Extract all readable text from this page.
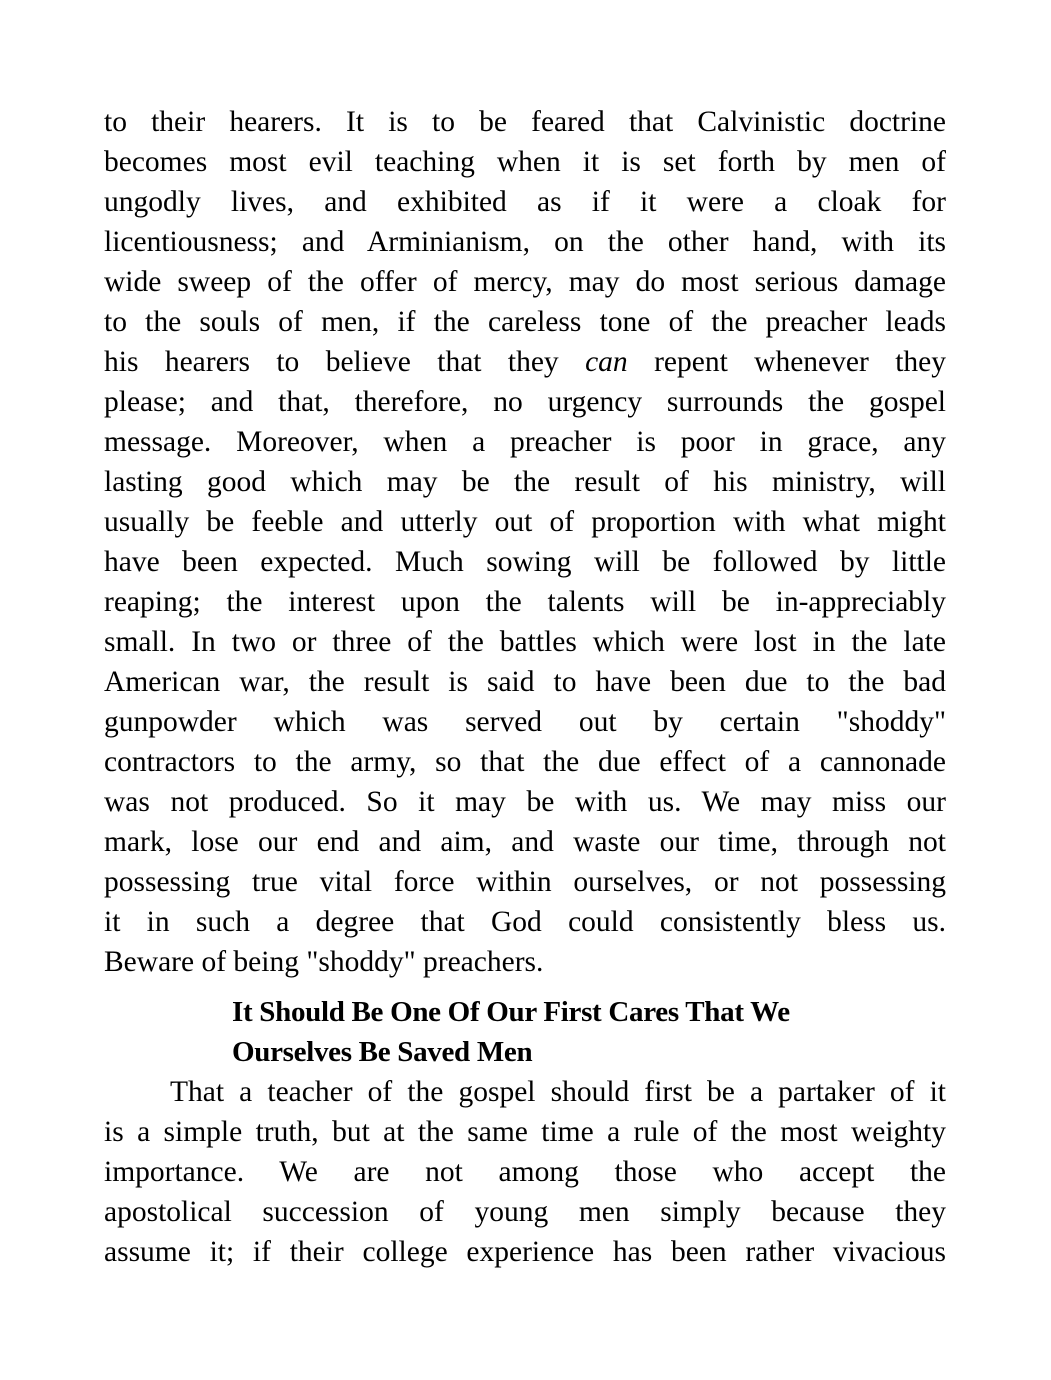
to their hearers. It is to be feared that Calvinistic doctrine
becomes most evil teaching when it is set forth by men of
ungodly lives, and exhibited as if it were a cloak for
licentiousness; and Arminianism, on the other hand, with its
wide sweep of the offer of mercy, may do most serious damage
to the souls of men, if the careless tone of the preacher leads
his hearers to believe that they can repent whenever they
please; and that, therefore, no urgency surrounds the gospel
message. Moreover, when a preacher is poor in grace, any
lasting good which may be the result of his ministry, will
usually be feeble and utterly out of proportion with what might
have been expected. Much sowing will be followed by little
reaping; the interest upon the talents will be in-appreciably
small. In two or three of the battles which were lost in the late
American war, the result is said to have been due to the bad
gunpowder which was served out by certain "shoddy"
contractors to the army, so that the due effect of a cannonade
was not produced. So it may be with us. We may miss our
mark, lose our end and aim, and waste our time, through not
possessing true vital force within ourselves, or not possessing
it in such a degree that God could consistently bless us.
Beware of being "shoddy" preachers.
It Should Be One Of Our First Cares That We
Ourselves Be Saved Men
That a teacher of the gospel should first be a partaker of it
is a simple truth, but at the same time a rule of the most weighty
importance. We are not among those who accept the
apostolical succession of young men simply because they
assume it; if their college experience has been rather vivacious
